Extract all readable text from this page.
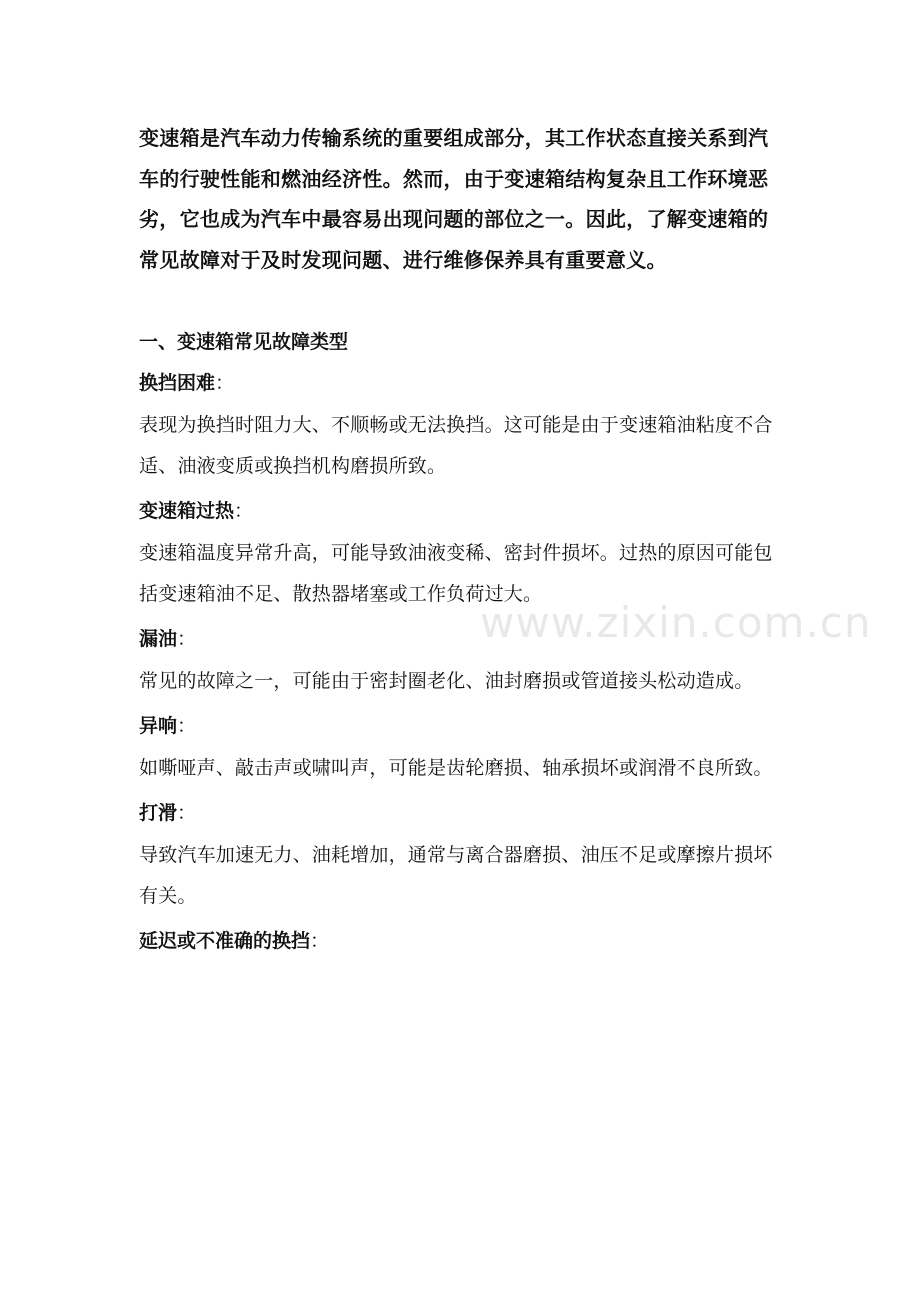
变速箱是汽车动力传输系统的重要组成部分，其工作状态直接关系到汽车的行驶性能和燃油经济性。然而，由于变速箱结构复杂且工作环境恶劣，它也成为汽车中最容易出现问题的部位之一。因此，了解变速箱的常见故障对于及时发现问题、进行维修保养具有重要意义。

一、变速箱常见故障类型
换挡困难：

表现为换挡时阻力大、不顺畅或无法换挡。这可能是由于变速箱油粘度不合适、油液变质或换挡机构磨损所致。

变速箱过热：

变速箱温度异常升高，可能导致油液变稀、密封件损坏。过热的原因可能包括变速箱油不足、散热器堵塞或工作负荷过大。

漏油：

常见的故障之一，可能由于密封圈老化、油封磨损或管道接头松动造成。

异响：

如嘶哑声、敲击声或啸叫声，可能是齿轮磨损、轴承损坏或润滑不良所致。

打滑：

导致汽车加速无力、油耗增加，通常与离合器磨损、油压不足或摩擦片损坏有关。

延迟或不准确的换挡：
www.zixin.com.cn
